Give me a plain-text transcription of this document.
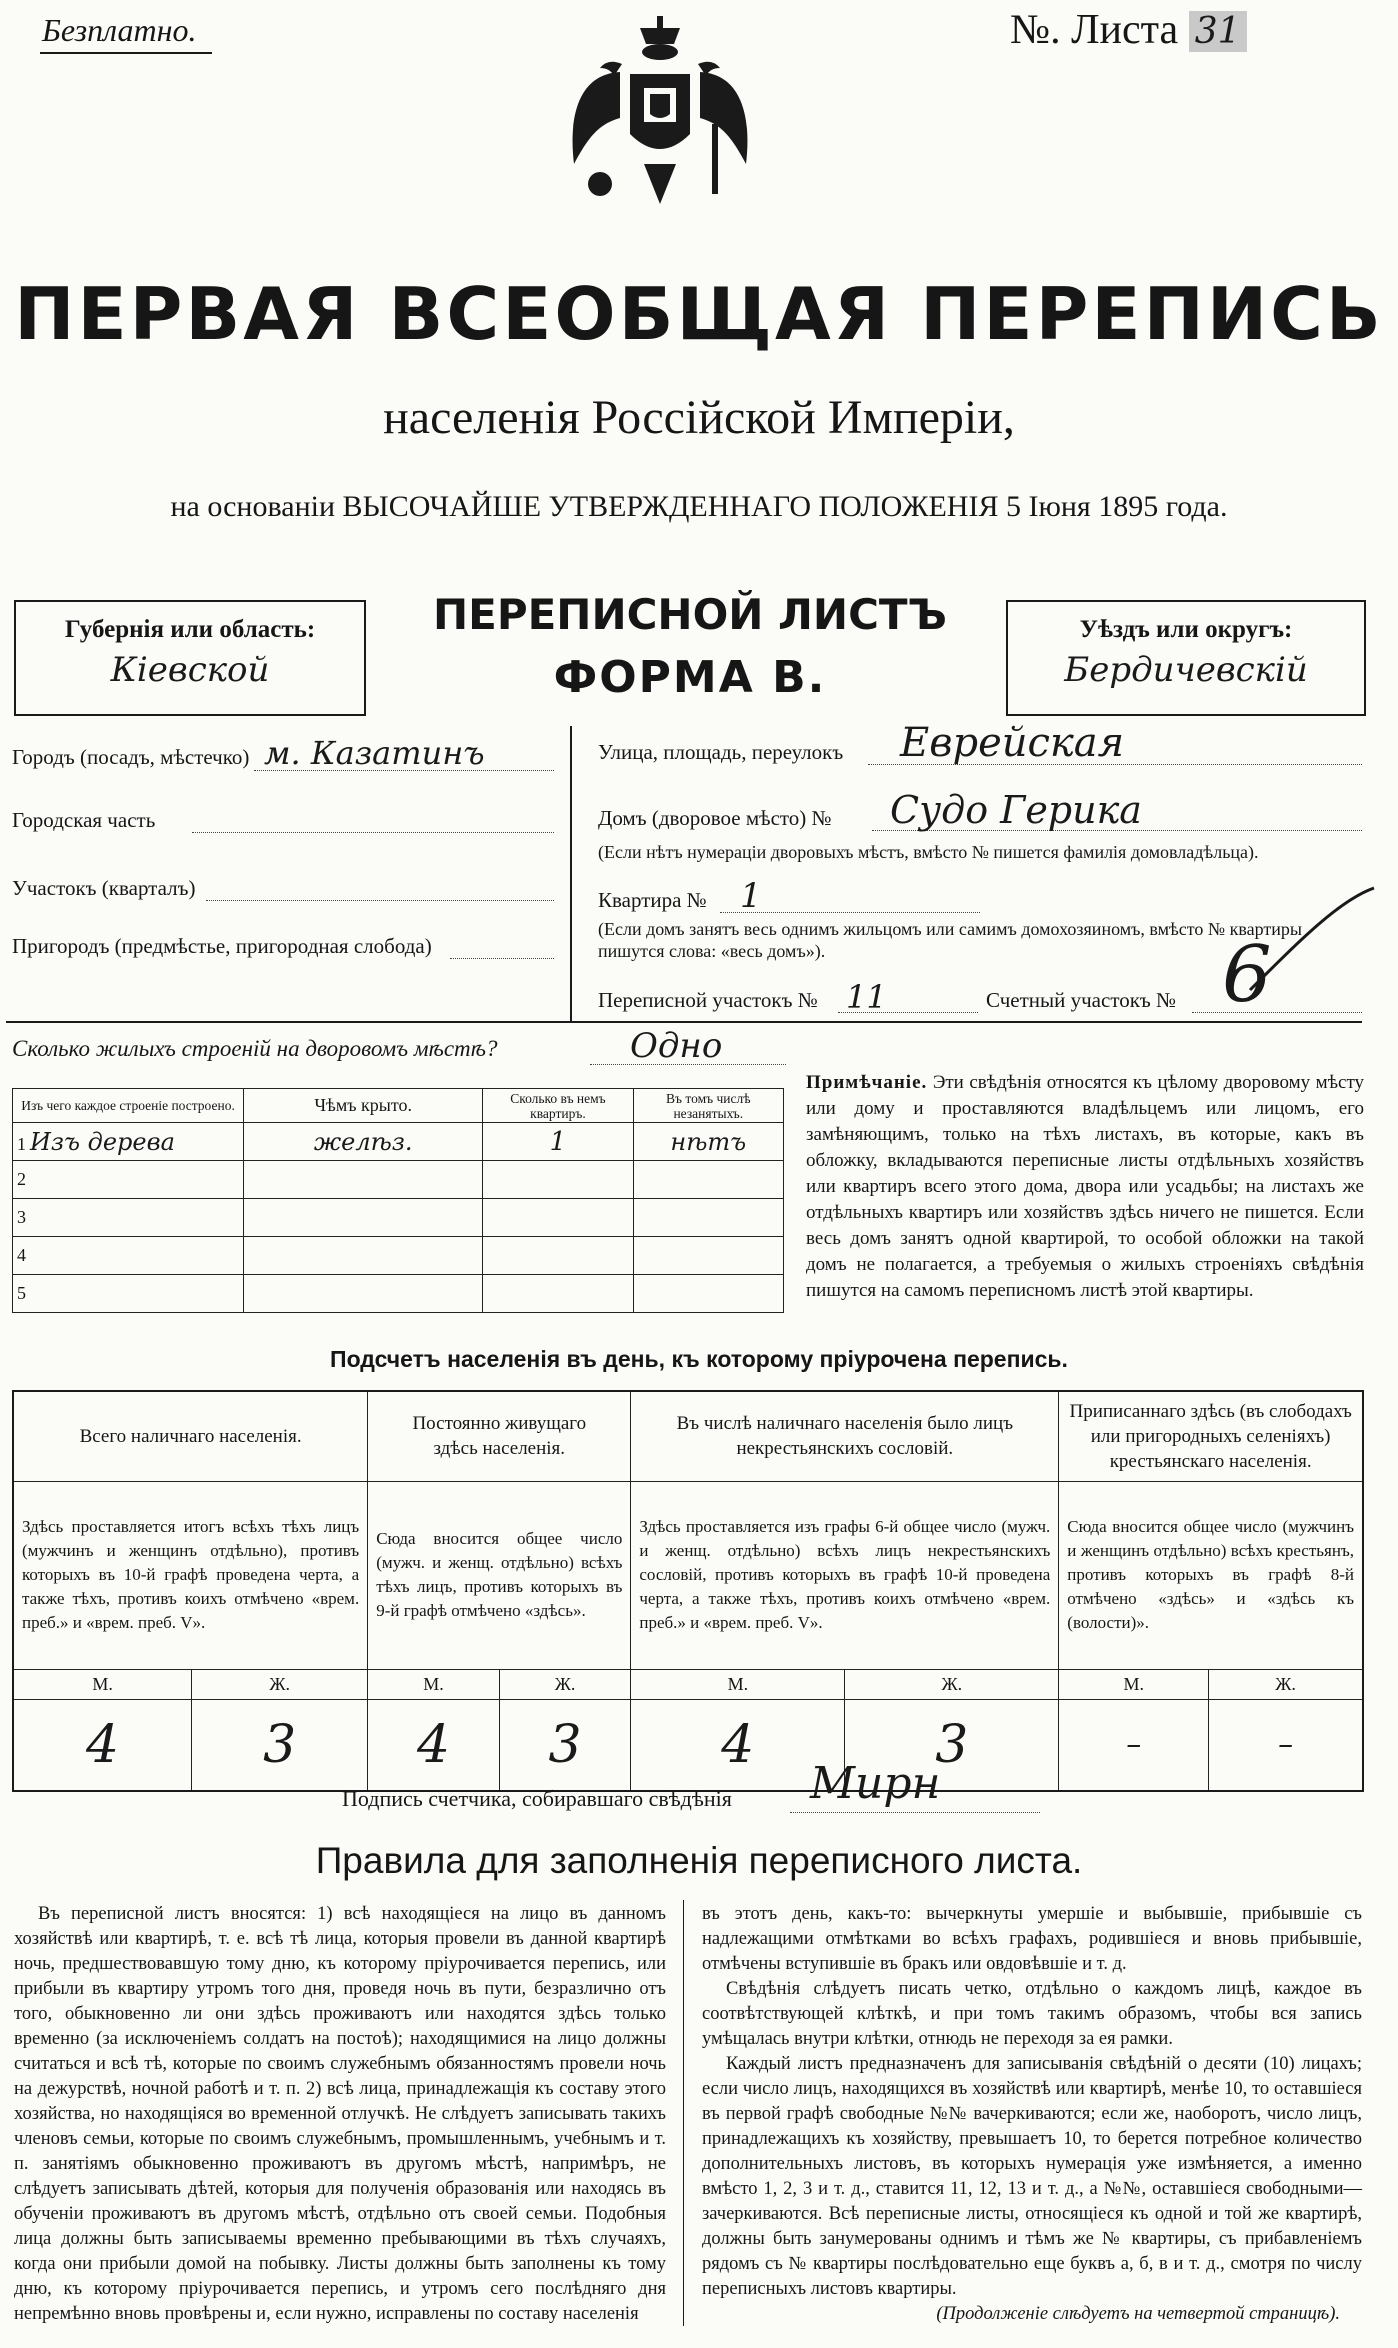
Безплатно.	№. Листа 31
ПЕРВАЯ ВСЕОБЩАЯ ПЕРЕПИСЬ
населенія Россійской Имперіи,
на основаніи ВЫСОЧАЙШЕ УТВЕРЖДЕННАГО ПОЛОЖЕНІЯ 5 Іюня 1895 года.
Губернія или область:
Кіевской
ПЕРЕПИСНОЙ ЛИСТЪ
ФОРМА В.
Уѣздъ или округъ:
Бердичевскій
Городъ (посадъ, мѣстечко) м. Казатинъ
Городская часть
Участокъ (кварталъ)
Пригородъ (предмѣстье, пригородная слобода)
Улица, площадь, переулокъ Еврейская
Домъ (дворовое мѣсто) № Судо Герика
(Если нѣтъ нумераціи дворовыхъ мѣстъ, вмѣсто № пишется фамилія домовладѣльца).
Квартира № 1
(Если домъ занятъ весь однимъ жильцомъ или самимъ домохозяиномъ, вмѣсто № квартиры пишутся слова: «весь домъ»).
Переписной участокъ № 11	Счетный участокъ № 6
Сколько жилыхъ строеній на дворовомъ мѣстѣ?	Одно
Изъ чего каждое строеніе построено.	Чѣмъ крыто.	Сколько въ немъ квартиръ.	Въ томъ числѣ незанятыхъ.
1 Изъ дерева	желѣз.	1	нѣтъ
2			
3			
4			
5			
Примѣчаніе. Эти свѣдѣнія относятся къ цѣлому дворовому мѣсту или дому и проставляются владѣльцемъ или лицомъ, его замѣняющимъ, только на тѣхъ листахъ, въ которые, какъ въ обложку, вкладываются переписные листы отдѣльныхъ хозяйствъ или квартиръ всего этого дома, двора или усадьбы; на листахъ же отдѣльныхъ квартиръ или хозяйствъ здѣсь ничего не пишется. Если весь домъ занятъ одной квартирой, то особой обложки на такой домъ не полагается, а требуемыя о жилыхъ строеніяхъ свѣдѣнія пишутся на самомъ переписномъ листѣ этой квартиры.
Подсчетъ населенія въ день, къ которому пріурочена перепись.
Всего наличнаго населенія.		Постоянно живущаго здѣсь населенія.		Въ числѣ наличнаго населенія было лицъ некрестьянскихъ сословій.		Приписаннаго здѣсь (въ слободахъ или пригородныхъ селеніяхъ) крестьянскаго населенія.	
Здѣсь проставляется итогъ всѣхъ тѣхъ лицъ (мужчинъ и женщинъ отдѣльно), противъ которыхъ въ 10-й графѣ проведена черта, а также тѣхъ, противъ коихъ отмѣчено «врем. преб.» и «врем. преб. V».		Сюда вносится общее число (мужч. и женщ. отдѣльно) всѣхъ тѣхъ лицъ, противъ которыхъ въ 9-й графѣ отмѣчено «здѣсь».		Здѣсь проставляется изъ графы 6-й общее число (мужч. и женщ. отдѣльно) всѣхъ лицъ некрестьянскихъ сословій, противъ которыхъ въ графѣ 10-й проведена черта, а также тѣхъ, противъ коихъ отмѣчено «врем. преб.» и «врем. преб. V».		Сюда вносится общее число (мужчинъ и женщинъ отдѣльно) всѣхъ крестьянъ, противъ которыхъ въ графѣ 8-й отмѣчено «здѣсь» и «здѣсь къ (волости)».	
М.	Ж.	М.	Ж.	М.	Ж.	М.	Ж.
4	3	4	3	4	3	–	–
Подпись счетчика, собиравшаго свѣдѣнія Мирн
Правила для заполненія переписного листа.
Въ переписной листъ вносятся: 1) всѣ находящіеся на лицо въ данномъ хозяйствѣ или квартирѣ, т. е. всѣ тѣ лица, которыя провели въ данной квартирѣ ночь, предшествовавшую тому дню, къ которому пріурочивается перепись, или прибыли въ квартиру утромъ того дня, проведя ночь въ пути, безразлично отъ того, обыкновенно ли они здѣсь проживаютъ или находятся здѣсь только временно (за исключеніемъ солдатъ на постоѣ); находящимися на лицо должны считаться и всѣ тѣ, которые по своимъ служебнымъ обязанностямъ провели ночь на дежурствѣ, ночной работѣ и т. п. 2) всѣ лица, принадлежащія къ составу этого хозяйства, но находящіяся во временной отлучкѣ. Не слѣдуетъ записывать такихъ членовъ семьи, которые по своимъ служебнымъ, промышленнымъ, учебнымъ и т. п. занятіямъ обыкновенно проживаютъ въ другомъ мѣстѣ, напримѣръ, не слѣдуетъ записывать дѣтей, которыя для полученія образованія или находясь въ обученіи проживаютъ въ другомъ мѣстѣ, отдѣльно отъ своей семьи. Подобныя лица должны быть записываемы временно пребывающими въ тѣхъ случаяхъ, когда они прибыли домой на побывку. Листы должны быть заполнены къ тому дню, къ которому пріурочивается перепись, и утромъ сего послѣдняго дня непремѣнно вновь провѣрены и, если нужно, исправлены по составу населенія
въ этотъ день, какъ-то: вычеркнуты умершіе и выбывшіе, прибывшіе съ надлежащими отмѣтками во всѣхъ графахъ, родившіеся и вновь прибывшіе, отмѣчены вступившіе въ бракъ или овдовѣвшіе и т. д.
Свѣдѣнія слѣдуетъ писать четко, отдѣльно о каждомъ лицѣ, каждое въ соотвѣтствующей клѣткѣ, и при томъ такимъ образомъ, чтобы вся запись умѣщалась внутри клѣтки, отнюдь не переходя за ея рамки.
Каждый листъ предназначенъ для записыванія свѣдѣній о десяти (10) лицахъ; если число лицъ, находящихся въ хозяйствѣ или квартирѣ, менѣе 10, то оставшіеся въ первой графѣ свободные №№ вачеркиваются; если же, наоборотъ, число лицъ, принадлежащихъ къ хозяйству, превышаетъ 10, то берется потребное количество дополнительныхъ листовъ, въ которыхъ нумерація уже измѣняется, а именно вмѣсто 1, 2, 3 и т. д., ставится 11, 12, 13 и т. д., а №№, оставшіеся свободными—зачеркиваются. Всѣ переписные листы, относящіеся къ одной и той же квартирѣ, должны быть занумерованы однимъ и тѣмъ же № квартиры, съ прибавленіемъ рядомъ съ № квартиры послѣдовательно еще буквъ а, б, в и т. д., смотря по числу переписныхъ листовъ квартиры.
(Продолженіе слѣдуетъ на четвертой страницѣ).
